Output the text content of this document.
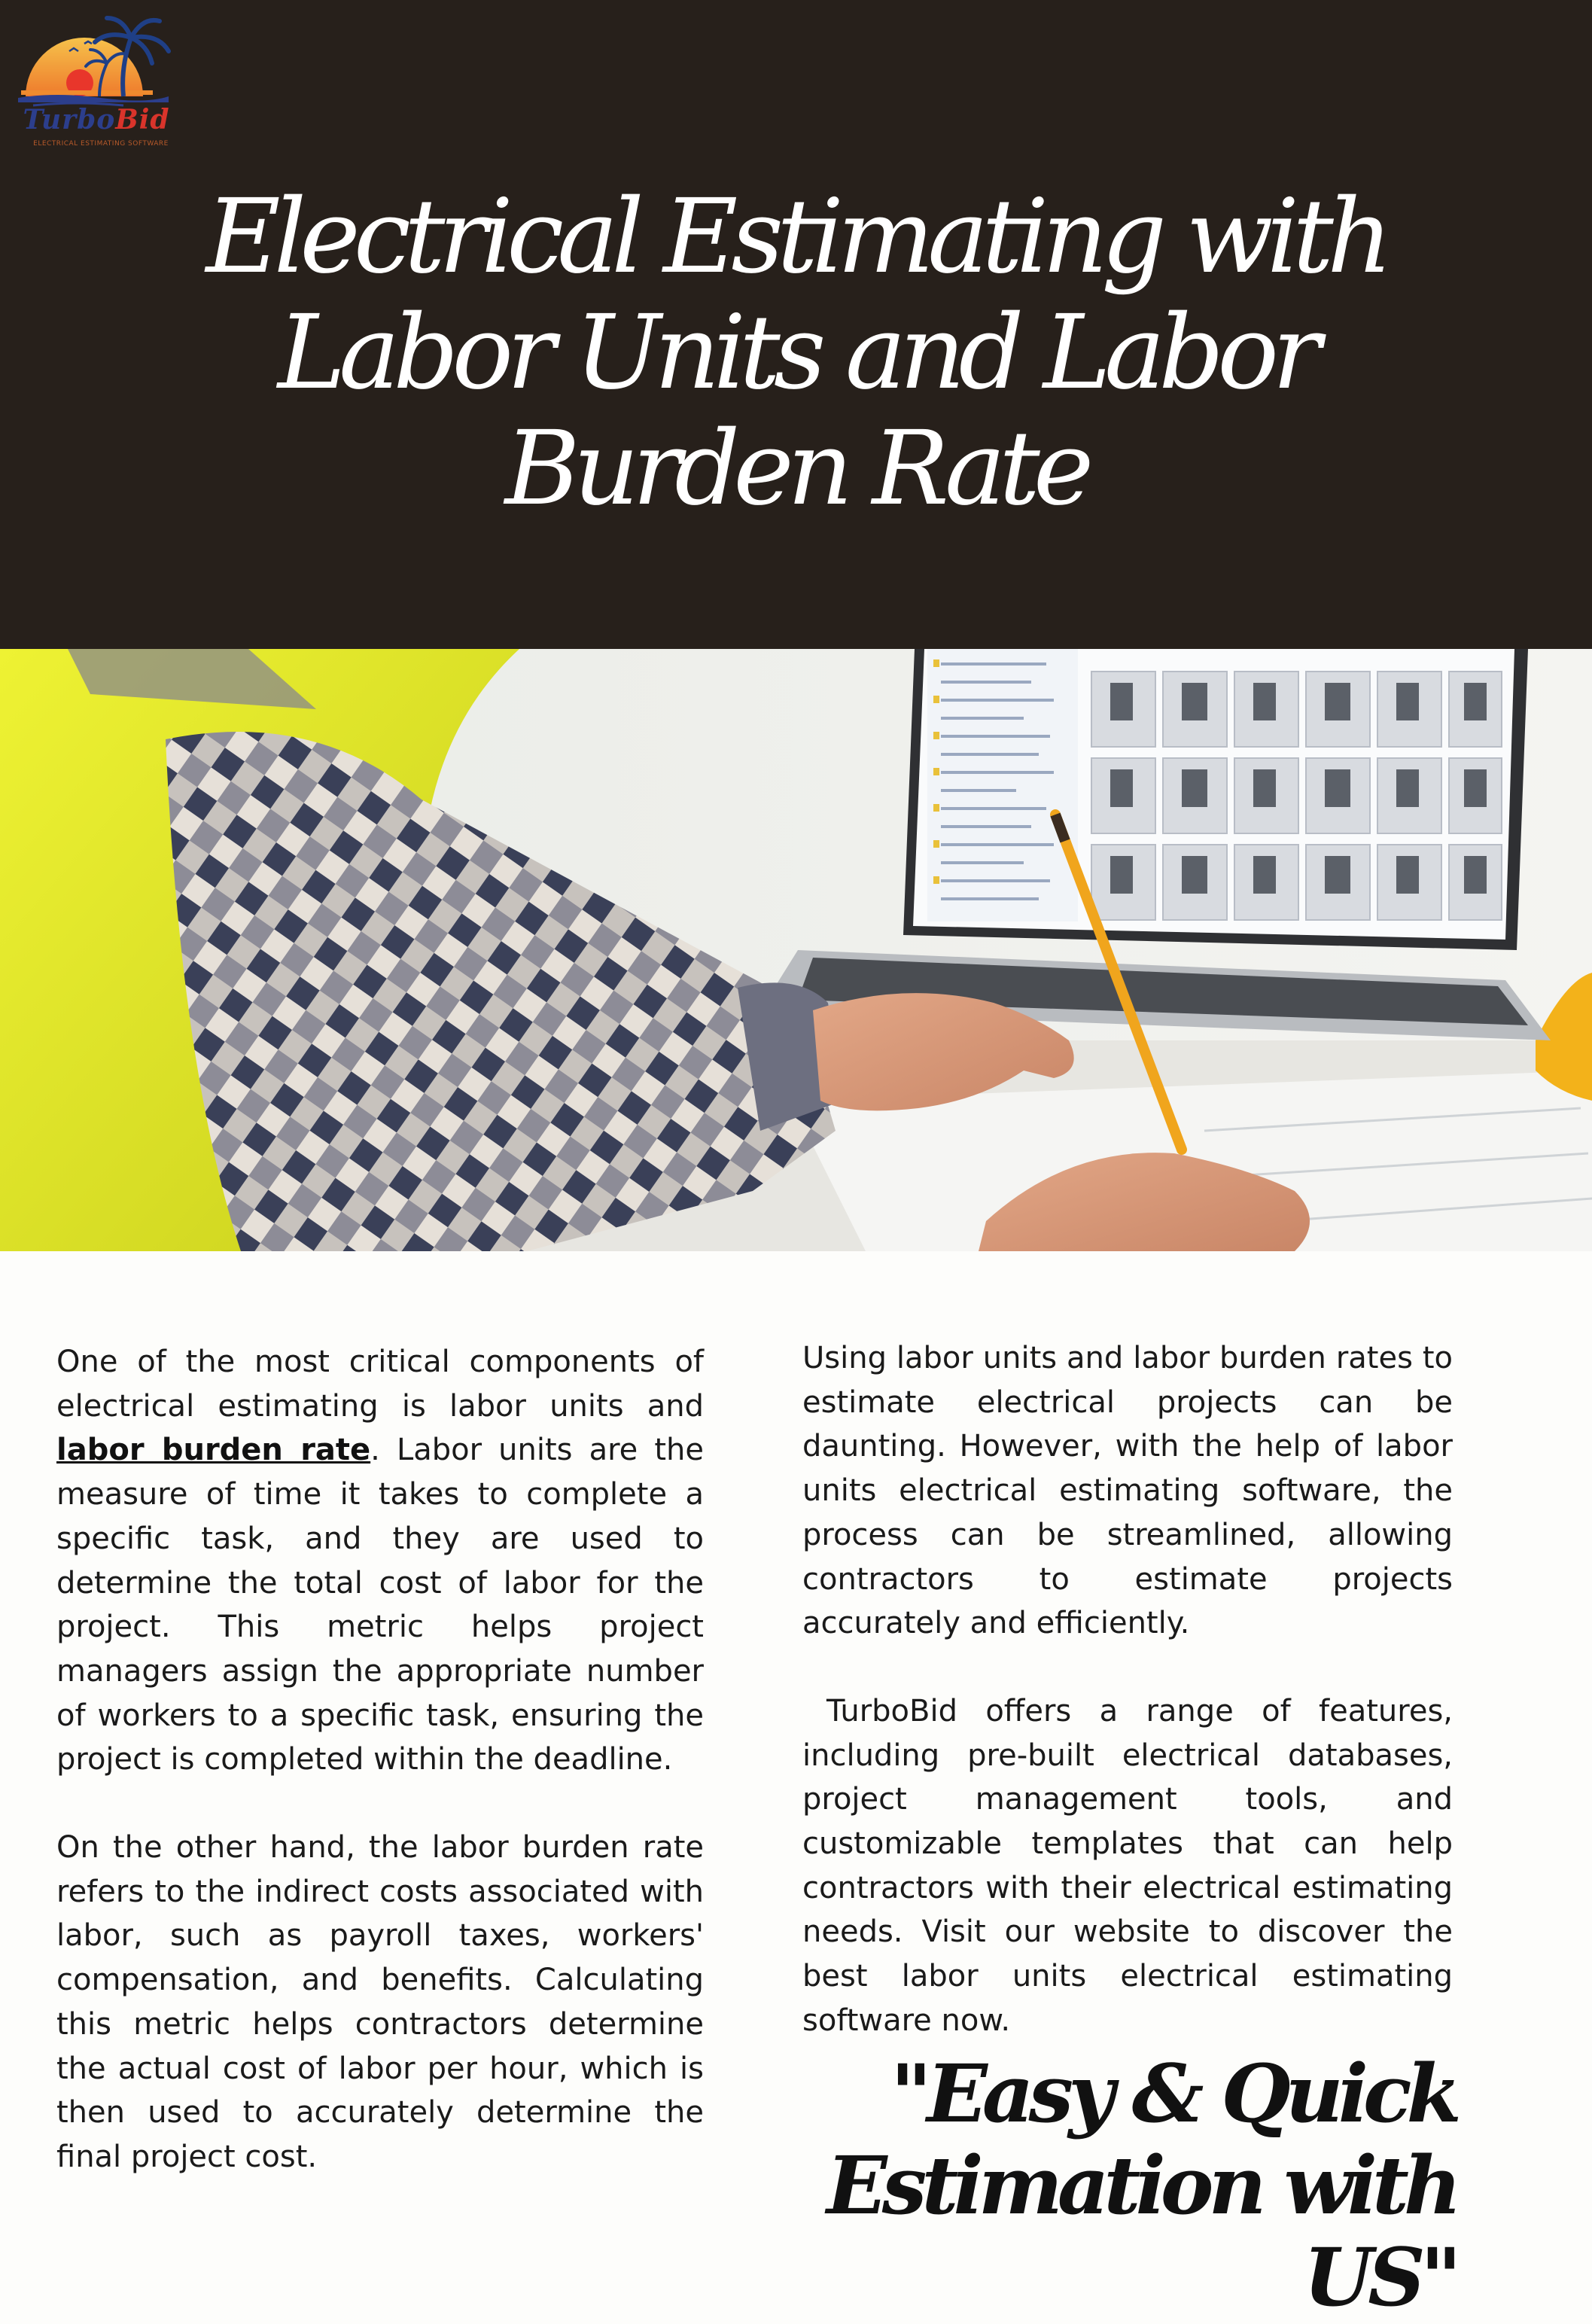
TurboBid
ELECTRICAL ESTIMATING SOFTWARE
Electrical Estimating with Labor Units and Labor Burden Rate

One of the most critical components of electrical estimating is labor units and labor burden rate. Labor units are the measure of time it takes to complete a specific task, and they are used to determine the total cost of labor for the project. This metric helps project managers assign the appropriate number of workers to a specific task, ensuring the project is completed within the deadline.

On the other hand, the labor burden rate refers to the indirect costs associated with labor, such as payroll taxes, workers' compensation, and benefits. Calculating this metric helps contractors determine the actual cost of labor per hour, which is then used to accurately determine the final project cost.

Using labor units and labor burden rates to estimate electrical projects can be daunting. However, with the help of labor units electrical estimating software, the process can be streamlined, allowing contractors to estimate projects accurately and efficiently.

TurboBid offers a range of features, including pre-built electrical databases, project management tools, and customizable templates that can help contractors with their electrical estimating needs. Visit our website to discover the best labor units electrical estimating software now.

"Easy & Quick
Estimation with US"
